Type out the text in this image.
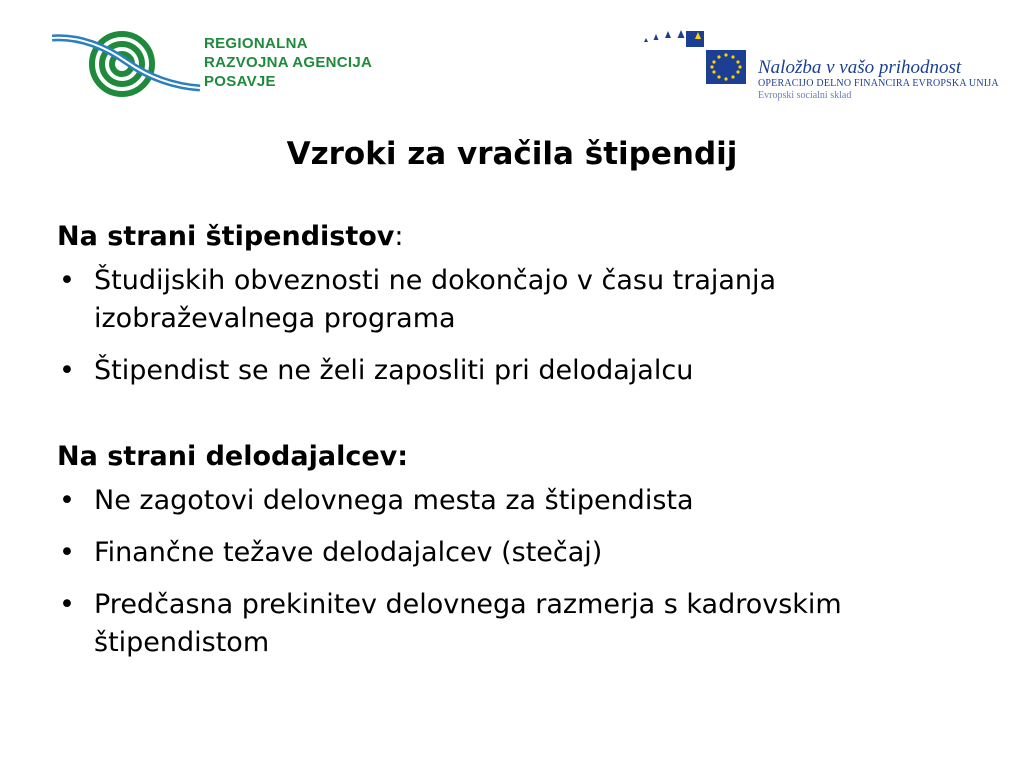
REGIONALNA
RAZVOJNA AGENCIJA
POSAVJE
Naložba v vašo prihodnost
OPERACIJO DELNO FINANCIRA EVROPSKA UNIJA
Evropski socialni sklad
Vzroki za vračila štipendij

Na strani štipendistov:

• Študijskih obveznosti ne dokončajo v času trajanja izobraževalnega programa
• Štipendist se ne želi zaposliti pri delodajalcu

Na strani delodajalcev:

• Ne zagotovi delovnega mesta za štipendista
• Finančne težave delodajalcev (stečaj)
• Predčasna prekinitev delovnega razmerja s kadrovskim štipendistom
